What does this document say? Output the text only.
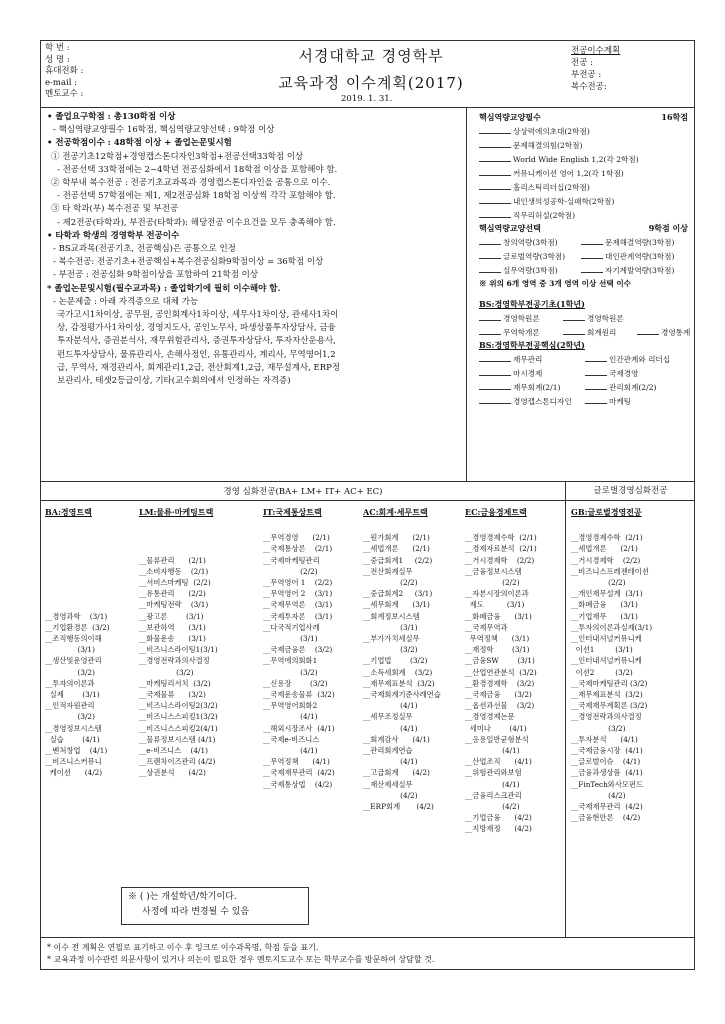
학 번 :
성 명 :
휴대전화 :
e-mail :
멘토교수 :
서경대학교 경영학부
교육과정 이수계획(2017)
2019. 1. 31.
전공이수계획
전공 :
부전공 :
복수전공:
• 졸업요구학점 : 총130학점 이상
- 핵심역량교양필수 16학점, 핵심역량교양선택 : 9학점 이상
• 전공학점이수 : 48학점 이상 + 졸업논문및시험
① 전공기초12학점+경영캡스톤디자인3학점+전공선택33학점 이상
- 전공선택 33학점에는 2~4학년 전공심화에서 18학점 이상을 포함해야 함.
② 학부내 복수전공 : 전공기초교과목과 경영캡스톤디자인을 공통으로 이수.
- 전공선택 57학점에는 제1, 제2전공심화 18학점 이상씩 각각 포함해야 함.
③ 타 학과(부) 복수전공 및 부전공
- 제2전공(타학과), 부전공(타학과): 해당전공 이수요건을 모두 충족해야 함.
• 타학과 학생의 경영학부 전공이수
- BS교과목(전공기초, 전공핵심)은 공통으로 인정
- 복수전공: 전공기초+전공핵심+복수전공심화9학점이상 = 36학점 이상
- 부전공 : 전공심화 9학점이상을 포함하여 21학점 이상
* 졸업논문및시험(필수교과목) : 졸업학기에 필히 이수해야 함.
- 논문제출 : 아래 자격증으로 대체 가능
국가고시1차이상, 공무원, 공인회계사1차이상, 세무사1차이상, 관세사1차이
상, 감정평가사1차이상, 경영지도사, 공인노무사, 파생상품투자상담사, 금융
투자분석사, 증권분석사, 재무위험관리사, 증권투자상담사, 투자자산운용사,
펀드투자상담사, 물류관리사, 손해사정인, 유통관리사, 계리사, 무역영어1,2
급, 무역사, 재경관리사, 회계관리1,2급, 전산회계1,2급, 재무설계사, ERP정
보관리사, 테샛2등급이상, 기타(교수회의에서 인정하는 자격증)
핵심역량교양필수	16학점
상상력에의초대(2학점)
문제해결의힘(2학점)
World Wide English 1,2(각 2학점)
커뮤니케이션 영어 1,2(각 1학점)
홀리스틱리더십(2학점)
내인생의성공학-실패학(2학점)
직무리허설(2학점)
핵심역량교양선택	9학점 이상
창의역량(3학점)	문제해결역량(3학점)
글로벌역량(3학점)	대인관계역량(3학점)
실무역량(3학점)	자기계발역량(3학점)
※ 위의 6개 영역 중 3개 영역 이상 선택 이수
BS:경영학부전공기초(1학년)
경영학원론	경영학원론
무역학개론	회계원리	경영통계
BS:경영학부전공핵심(2학년)
재무관리	인간관계와 리더십
마시경제	국제경영
재무회계(2/1)	관리회계(2/2)
경영캡스톤디자인	마케팅
경영 심화전공(BA+ LM+ IT+ AC+ EC)	글로벌경영심화전공
BA:경영트랙
__경영과학    (3/1)
__기업환경론  (3/2)
__조직행동의이해
(3/1)
__생산및운영관리
(3/2)
__투자의이론과
실제        (3/1)
__인적자원관리
(3/2)
__경영정보시스템
실습        (4/1)
__벤처창업    (4/1)
__비즈니스커뮤니
케이션      (4/2)
LM:물류·마케팅트랙
__물류관리      (2/1)
__소비자행동    (2/1)
__서비스마케팅  (2/2)
__유통관리      (2/2)
__마케팅전략    (3/1)
__광고론        (3/1)
__보관하역      (3/1)
__화물운송      (3/1)
__비즈니스라이팅1(3/1)
__경영전략과의사결정
(3/2)
__마케팅리서치  (3/2)
__국제물류      (3/2)
__비즈니스라이팅2(3/2)
__비즈니스스피킹1(3/2)
__비즈니스스피킹2(4/1)
__물류정보시스템 (4/1)
__e-비즈니스    (4/1)
__프랜차이즈관리 (4/2)
__상권분석      (4/2)
IT:국제통상트랙
__무역경영      (2/1)
__국제통상론    (2/1)
__국제마케팅관리
(2/2)
__무역영어 1    (2/2)
__무역영어 2    (3/1)
__국제무역론    (3/1)
__국제투자론    (3/1)
__다국적기업사례
(3/1)
__국제금융론    (3/2)
__무역에의회화1
(3/2)
__신용장        (3/2)
__국제운송물류  (3/2)
__무역영어회화2
(4/1)
__해외시장조사  (4/1)
__국제e-비즈니스
(4/1)
__무역정책      (4/1)
__국제재무관리  (4/2)
__국제통상법    (4/2)
AC:회계·세무트랙
__원가회계      (2/1)
__세법개론      (2/1)
__중급회계1     (2/2)
__전산회계실무
(2/2)
__중급회계2     (3/1)
__세무회계      (3/1)
__회계정보시스템
(3/1)
__부가가치세실무
(3/2)
__기업법        (3/2)
__소득세회계    (3/2)
__재무제표분석  (3/2)
__국제회계기준사례연습
(4/1)
__세무조정실무
(4/1)
__회계감사      (4/1)
__관리회계연습
(4/1)
__고급회계      (4/2)
__재산제세실무
(4/2)
__ERP회계       (4/2)
EC:금융경제트랙
__경영경제수학  (2/1)
__경제자료분석  (2/1)
__거시경제학    (2/2)
__금융정보시스템
(2/2)
__자본시장의이론과
제도          (3/1)
__화폐금융      (3/1)
__국제무역과
무역정책      (3/1)
__재정학        (3/1)
__금융SW        (3/1)
__산업연관분석  (3/2)
__환경경제학    (3/2)
__국제금융      (3/2)
__옵션과선물    (3/2)
__경영경제논문
세미나        (4/1)
__응용일반균형분석
(4/1)
__산업조직      (4/1)
__위험관리와보험
(4/1)
__금융리스크관리
(4/2)
__기업금융      (4/2)
__지방재정      (4/2)
GB:글로벌경영전공
__경영경제수학  (2/1)
__세법개론      (2/1)
__거시경제학    (2/2)
__비즈니스프레젠테이션
(2/2)
__개인재무설계  (3/1)
__화폐금융      (3/1)
__기업재무      (3/1)
__투자의이론과실제(3/1)
__인터내셔널커뮤니케
이션1         (3/1)
__인터내셔널커뮤니케
이션2         (3/2)
__국제마케팅관리 (3/2)
__재무제표분석  (3/2)
__국제재무계획론 (3/2)
__경영전략과의사결정
(3/2)
__투자분석      (4/1)
__국제금융시장  (4/1)
__글로벌이슈    (4/1)
__금융과생상품  (4/1)
__FinTech와사모펀드
(4/2)
__국제재무관리  (4/2)
__금융현안론    (4/2)
※ ( )는 개설학년/학기이다.
사정에 따라 변경될 수 있음
* 이수 전 계획은 연필로 표기하고 이수 후 잉크로 이수과목명, 학점 등을 표기.
* 교육과정 이수관련 의문사항이 있거나 의논이 필요한 경우 멘토지도교수 또는 학부교수를 방문하여 상담할 것.
